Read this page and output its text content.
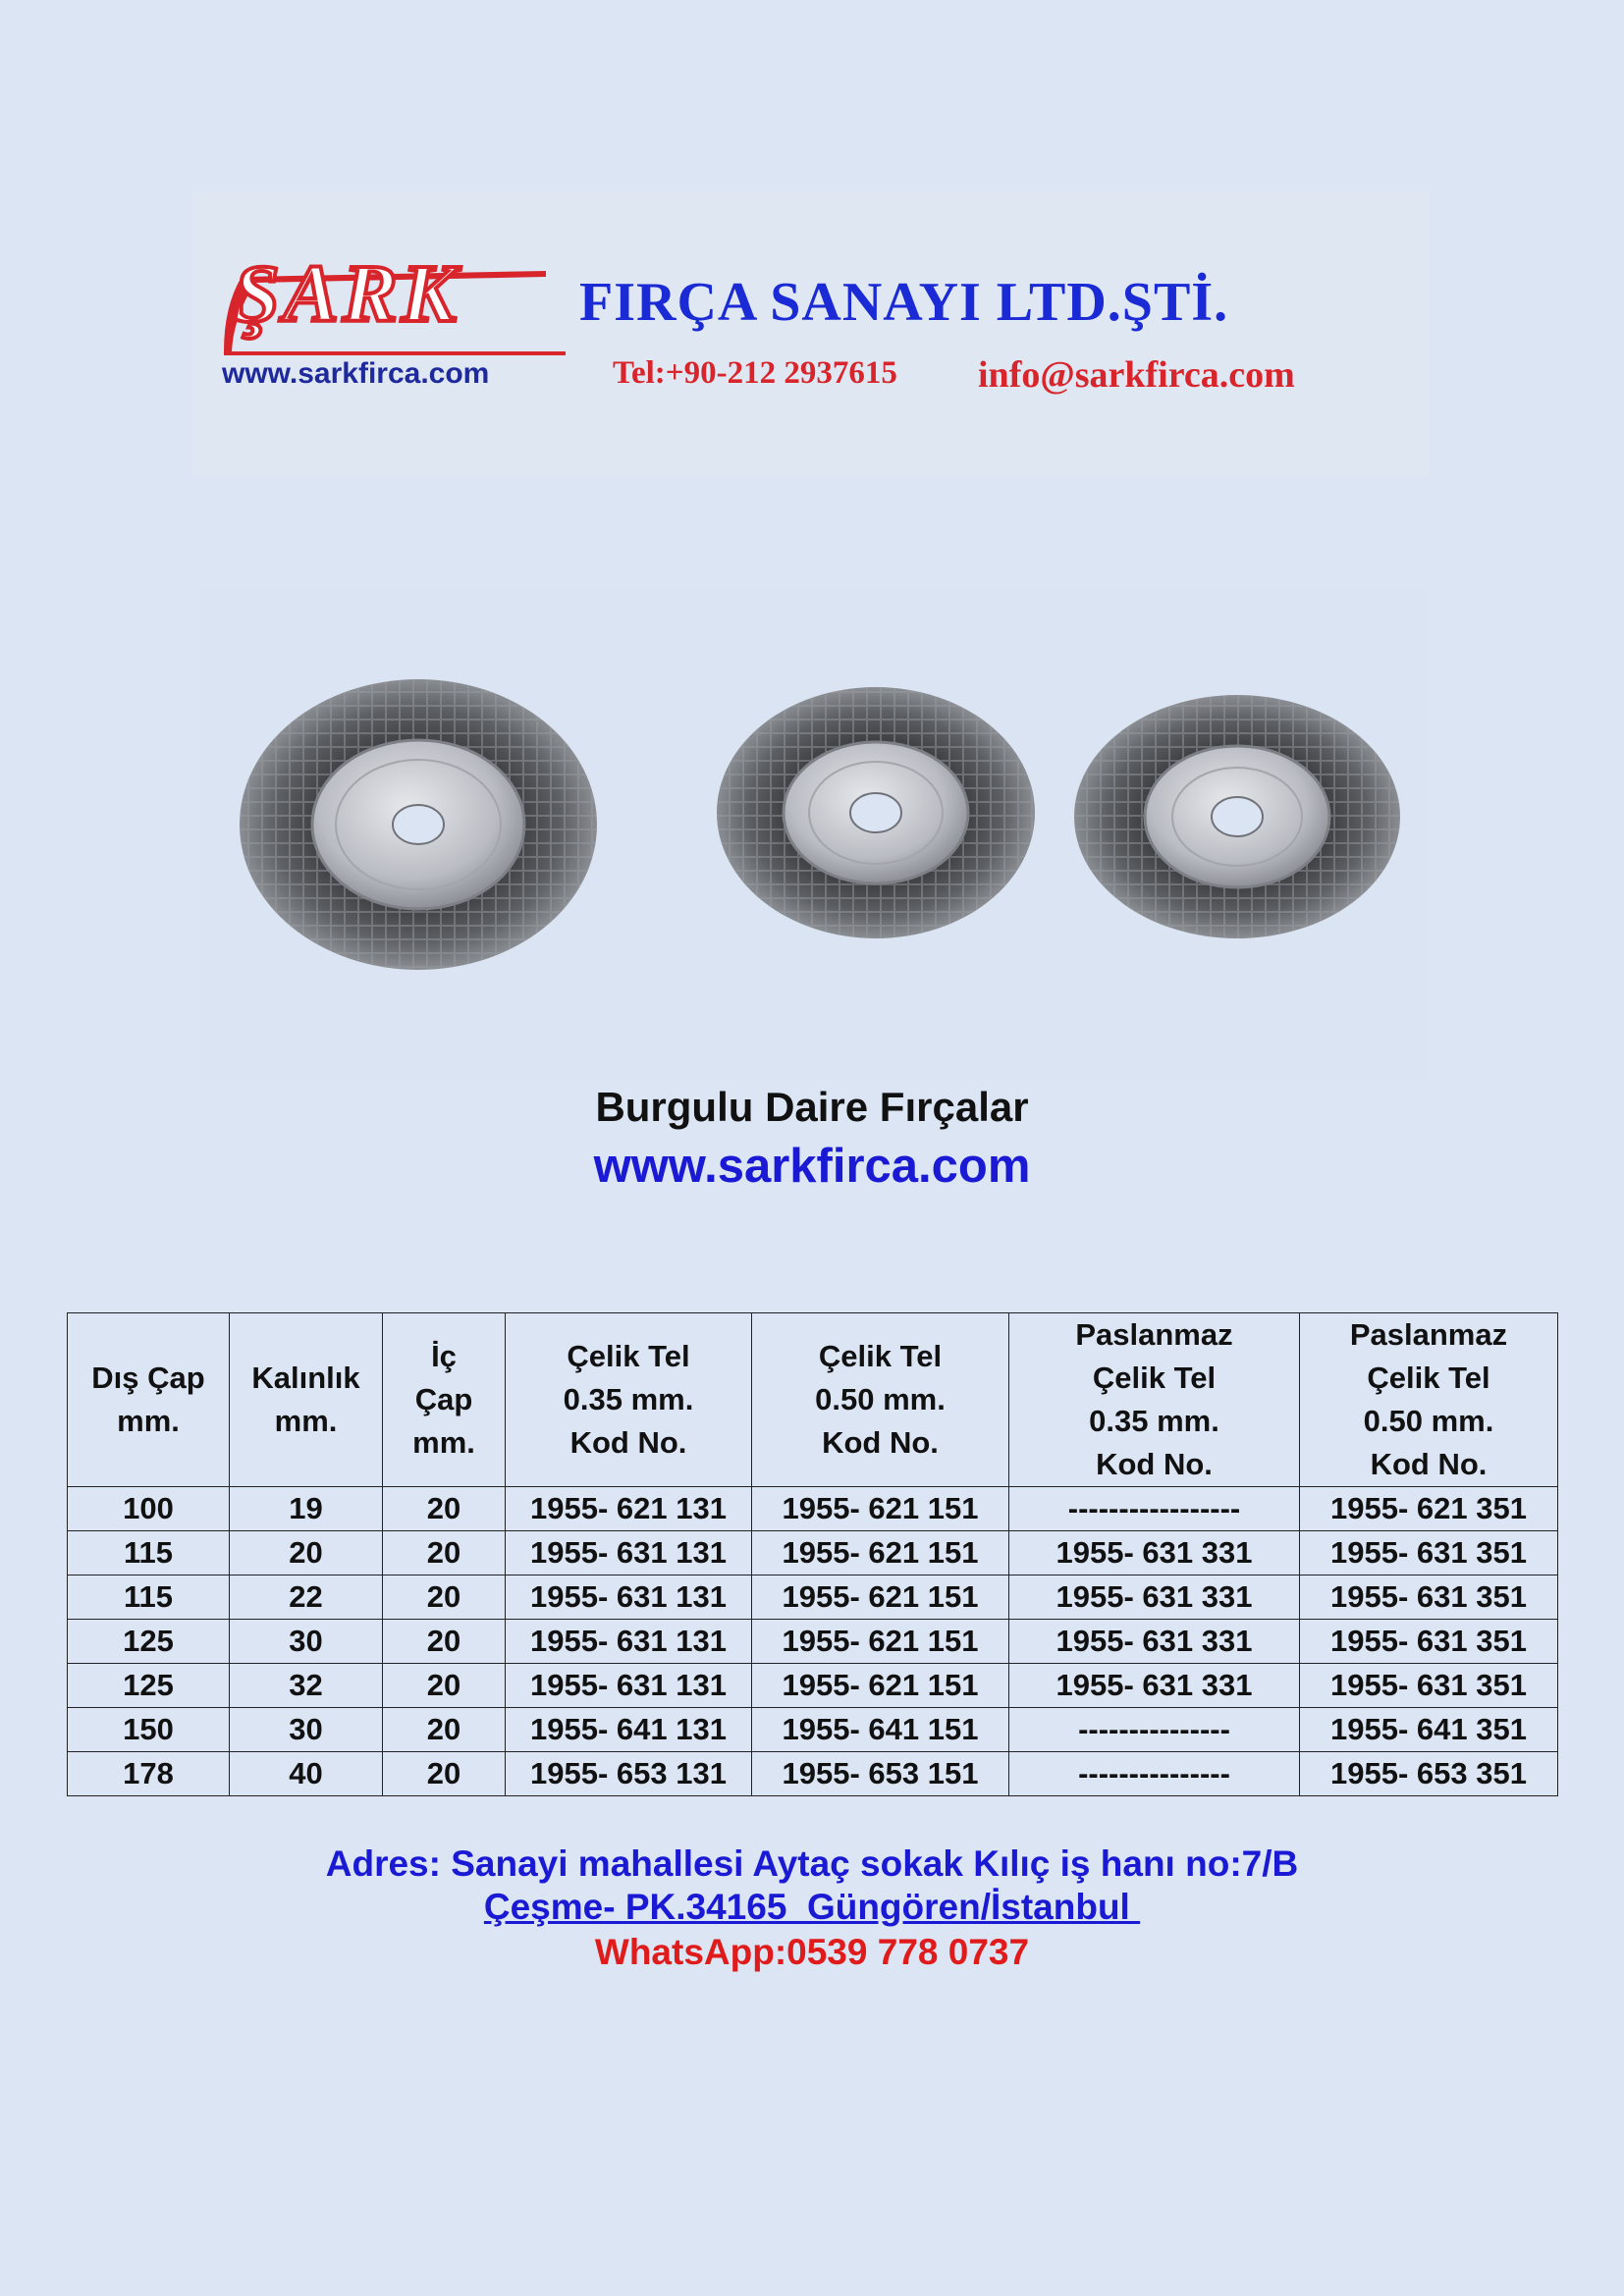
ŞARK FIRÇA SANAYI LTD.ŞTİ.
www.sarkfirca.com	Tel:+90-212 2937615 info@sarkfirca.com
Burgulu Daire Fırçalar
www.sarkfirca.com
Dış Çap
mm.	Kalınlık
mm.	İç
Çap
mm.	Çelik Tel
0.35 mm.
Kod No.	Çelik Tel
0.50 mm.
Kod No.	Paslanmaz
Çelik Tel
0.35 mm.
Kod No.	Paslanmaz
Çelik Tel
0.50 mm.
Kod No.
100	19	20	1955- 621 131	1955- 621 151	-----------------	1955- 621 351
115	20	20	1955- 631 131	1955- 621 151	1955- 631 331	1955- 631 351
115	22	20	1955- 631 131	1955- 621 151	1955- 631 331	1955- 631 351
125	30	20	1955- 631 131	1955- 621 151	1955- 631 331	1955- 631 351
125	32	20	1955- 631 131	1955- 621 151	1955- 631 331	1955- 631 351
150	30	20	1955- 641 131	1955- 641 151	---------------	1955- 641 351
178	40	20	1955- 653 131	1955- 653 151	---------------	1955- 653 351
Adres: Sanayi mahallesi Aytaç sokak Kılıç iş hanı no:7/B
Çeşme- PK.34165  Güngören/İstanbul
WhatsApp:0539 778 0737
